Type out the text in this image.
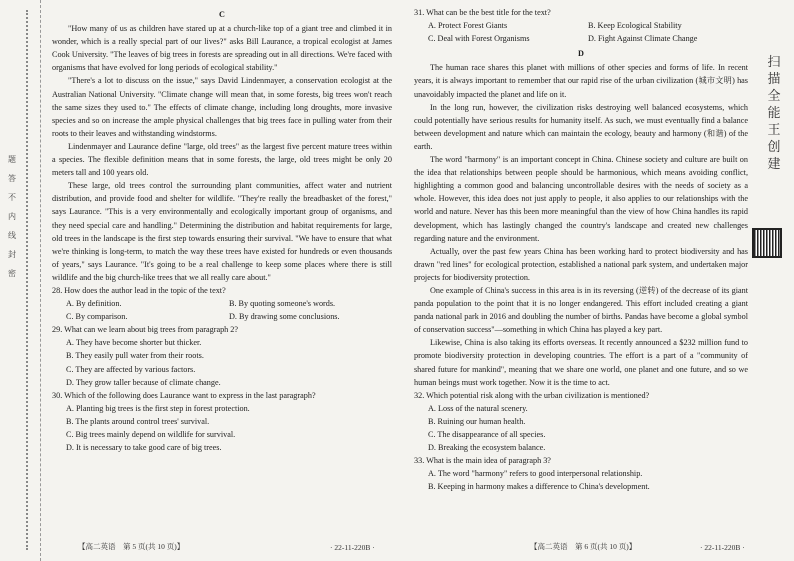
题
答
不
内
线
封
密
C

"How many of us as children have stared up at a church-like top of a giant tree and climbed it in wonder, which is a really special part of our lives?" asks Bill Laurance, a tropical ecologist at James Cook University. "The leaves of big trees in forests are spreading out in all directions. We're faced with organisms that have evolved for long periods of ecological stability."

"There's a lot to discuss on the issue," says David Lindenmayer, a conservation ecologist at the Australian National University. "Climate change will mean that, in some forests, big trees won't reach the same sizes they used to." The effects of climate change, including long droughts, more invasive species and so on increase the ample physical challenges that big trees face in pulling water from their roots to their leaves and withstanding windstorms.

Lindenmayer and Laurance define "large, old trees" as the largest five percent mature trees within a species. The flexible definition means that in some forests, the large, old trees might be only 20 meters tall and 100 years old.

These large, old trees control the surrounding plant communities, affect water and nutrient distribution, and provide food and shelter for wildlife. "They're really the breadbasket of the forest," says Laurance. "This is a very environmentally and ecologically important group of organisms, and they need special care and handling." Determining the distribution and habitat requirements for large, old trees in the landscape is the first step towards ensuring their survival. "We have to ensure that what we're thinking is long-term, to match the way these trees have existed for hundreds or even thousands of years," says Laurance. "It's going to be a real challenge to keep some places where there is still wildlife and the big church-like trees that we all really care about."

28. How does the author lead in the topic of the text?

A. By definition.	B. By quoting someone's words.
C. By comparison.	D. By drawing some conclusions.

29. What can we learn about big trees from paragraph 2?

A. They have become shorter but thicker.

B. They easily pull water from their roots.

C. They are affected by various factors.

D. They grow taller because of climate change.

30. Which of the following does Laurance want to express in the last paragraph?

A. Planting big trees is the first step in forest protection.

B. The plants around control trees' survival.

C. Big trees mainly depend on wildlife for survival.

D. It is necessary to take good care of big trees.

【高二英语　第 5 页(共 10 页)】	· 22-11-220B ·

31. What can be the best title for the text?

A. Protect Forest Giants	B. Keep Ecological Stability
C. Deal with Forest Organisms	D. Fight Against Climate Change
D

The human race shares this planet with millions of other species and forms of life. In recent years, it is always important to remember that our rapid rise of the urban civilization (城市文明) has unavoidably impacted the planet and life on it.

In the long run, however, the civilization risks destroying well balanced ecosystems, which could potentially have serious results for humanity itself. As such, we must eventually find a balance between development and nature which can maintain the ecology, beauty and harmony (和谐) of the earth.

The word "harmony" is an important concept in China. Chinese society and culture are built on the idea that relationships between people should be harmonious, which means avoiding conflict, highlighting a common good and balancing uncontrollable desires with the needs of society as a whole. However, this idea does not just apply to people, it also applies to our relationships with the world and nature. Never has this been more meaningful than the view of how China handles its rapid development, which has lastingly changed the country's landscape and created new challenges regarding nature and the environment.

Actually, over the past few years China has been working hard to protect biodiversity and has drawn "red lines" for ecological protection, established a national park system, and undertaken major projects for biodiversity protection.

One example of China's success in this area is in its reversing (逆转) of the decrease of its giant panda population to the point that it is no longer endangered. This effort included creating a giant panda national park in 2016 and doubling the number of births. Pandas have become a global symbol of conservation success"—something in which China has played a key part.

Likewise, China is also taking its efforts overseas. It recently announced a $232 million fund to promote biodiversity protection in developing countries. The effort is a part of a "community of shared future for mankind", meaning that we share one world, one planet and one future, and so we human beings must work together. Now it is the time to act.

32. Which potential risk along with the urban civilization is mentioned?

A. Loss of the natural scenery.

B. Ruining our human health.

C. The disappearance of all species.

D. Breaking the ecosystem balance.

33. What is the main idea of paragraph 3?

A. The word "harmony" refers to good interpersonal relationship.

B. Keeping in harmony makes a difference to China's development.

【高二英语　第 6 页(共 10 页)】	· 22-11-220B ·
扫
描
全
能
王
创
建
